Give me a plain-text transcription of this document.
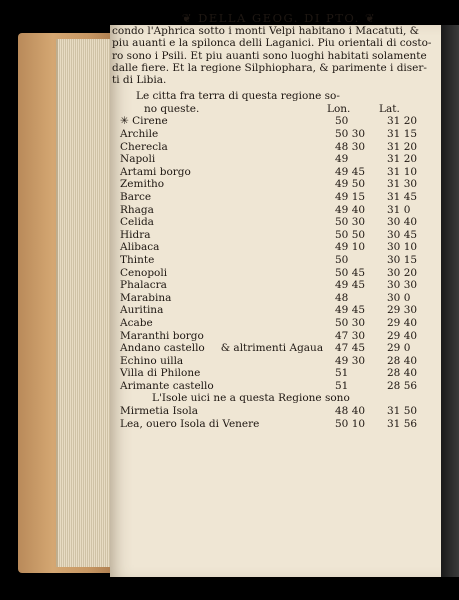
❦ DELLA GEOG. DI PTO. ❦

condo l'Aphrica sotto i monti Velpi habitano i Macatuti, &

piu auanti e la spilonca delli Laganici. Piu orientali di costo-

ro sono i Psili. Et piu auanti sono luoghi habitati solamente

dalle fiere. Et la regione Silphiophara, & parimente i diser-

ti di Libia.

Le citta fra terra di questa regione so-
no queste.	Lon.	Lat.
✳ Cirene	50	31 20
Archile	50 30	31 15
Cherecla	48 30	31 20
Napoli	49	31 20
Artami borgo	49 45	31 10
Zemitho	49 50	31 30
Barce	49 15	31 45
Rhaga	49 40	31 0
Celida	50 30	30 40
Hidra	50 50	30 45
Alibaca	49 10	30 10
Thinte	50	30 15
Cenopoli	50 45	30 20
Phalacra	49 45	30 30
Marabina	48	30 0
Auritina	49 45	29 30
Acabe	50 30	29 40
Maranthi borgo	47 30	29 40
Andano castello & altrimenti Agaua	47 45	29 0
Echino uilla	49 30	28 40
Villa di Philone	51	28 40
Arimante castello	51	28 56
L'Isole uici ne a questa Regione sono
Mirmetia Isola	48 40	31 50
Lea, ouero Isola di Venere	50 10	31 56
